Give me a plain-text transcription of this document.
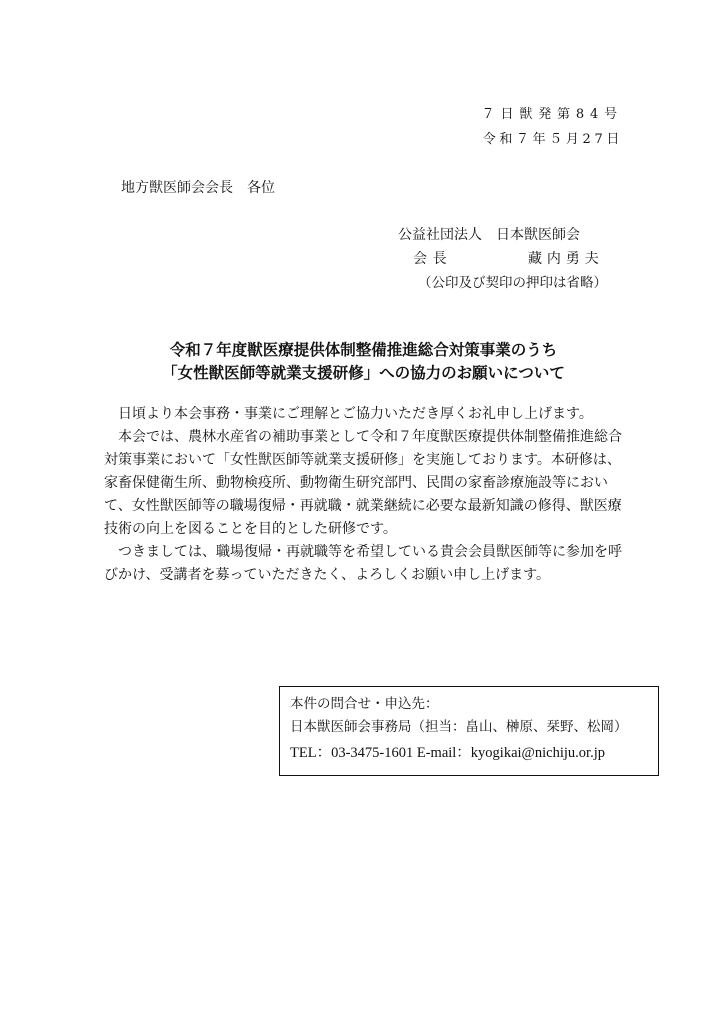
７日獣発第84号
令和７年５月27日
地方獣医師会会長　各位
公益社団法人　日本獣医師会
会長	藏内勇夫
（公印及び契印の押印は省略）
令和７年度獣医療提供体制整備推進総合対策事業のうち
「女性獣医師等就業支援研修」への協力のお願いについて

　日頃より本会事務・事業にご理解とご協力いただき厚くお礼申し上げます。

　本会では、農林水産省の補助事業として令和７年度獣医療提供体制整備推進総合対策事業において「女性獣医師等就業支援研修」を実施しております。本研修は、家畜保健衛生所、動物検疫所、動物衛生研究部門、民間の家畜診療施設等において、女性獣医師等の職場復帰・再就職・就業継続に必要な最新知識の修得、獣医療技術の向上を図ることを目的とした研修です。

　つきましては、職場復帰・再就職等を希望している貴会会員獣医師等に参加を呼びかけ、受講者を募っていただきたく、よろしくお願い申し上げます。

本件の問合せ・申込先：
日本獣医師会事務局（担当：畠山、榊原、栞野、松岡）
TEL：03-3475-1601 E-mail：kyogikai@nichiju.or.jp
